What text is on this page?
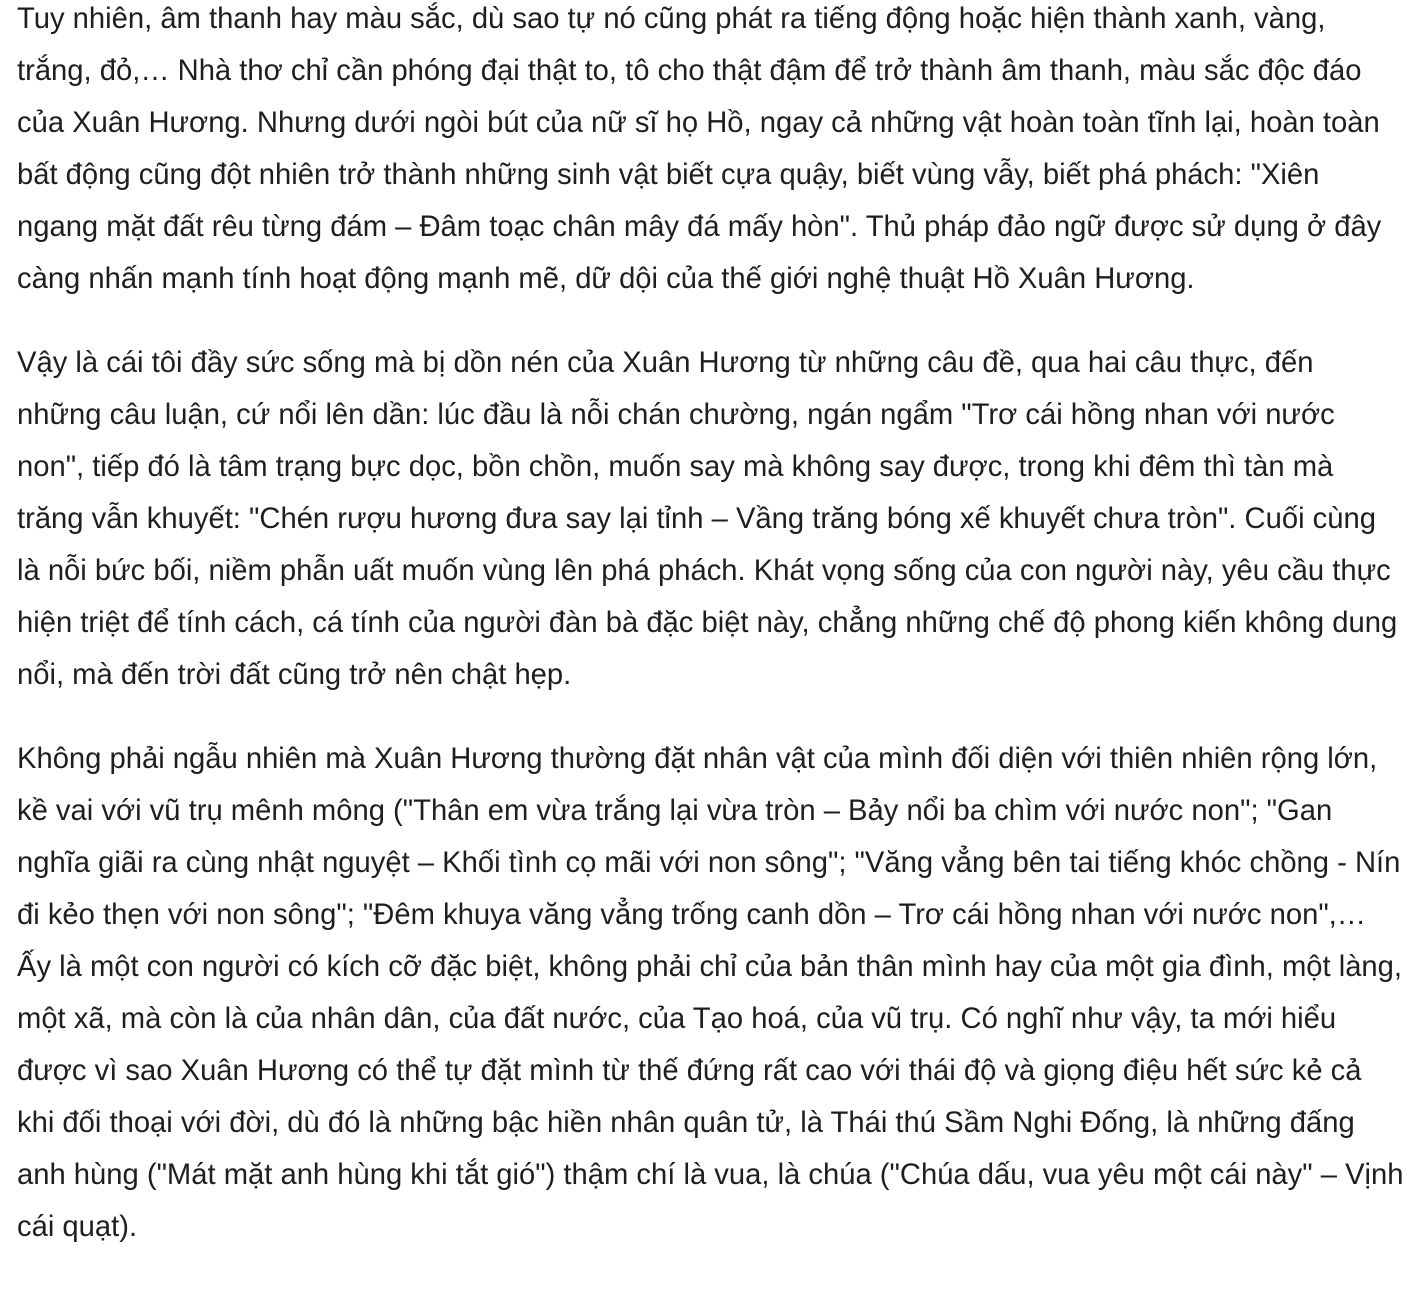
Tuy nhiên, âm thanh hay màu sắc, dù sao tự nó cũng phát ra tiếng động hoặc hiện thành xanh, vàng, trắng, đỏ,… Nhà thơ chỉ cần phóng đại thật to, tô cho thật đậm để trở thành âm thanh, màu sắc độc đáo của Xuân Hương. Nhưng dưới ngòi bút của nữ sĩ họ Hồ, ngay cả những vật hoàn toàn tĩnh lại, hoàn toàn bất động cũng đột nhiên trở thành những sinh vật biết cựa quậy, biết vùng vẫy, biết phá phách: "Xiên ngang mặt đất rêu từng đám – Đâm toạc chân mây đá mấy hòn". Thủ pháp đảo ngữ được sử dụng ở đây càng nhấn mạnh tính hoạt động mạnh mẽ, dữ dội của thế giới nghệ thuật Hồ Xuân Hương.

Vậy là cái tôi đầy sức sống mà bị dồn nén của Xuân Hương từ những câu đề, qua hai câu thực, đến những câu luận, cứ nổi lên dần: lúc đầu là nỗi chán chường, ngán ngẩm "Trơ cái hồng nhan với nước non", tiếp đó là tâm trạng bực dọc, bồn chồn, muốn say mà không say được, trong khi đêm thì tàn mà trăng vẫn khuyết: "Chén rượu hương đưa say lại tỉnh – Vầng trăng bóng xế khuyết chưa tròn". Cuối cùng là nỗi bức bối, niềm phẫn uất muốn vùng lên phá phách. Khát vọng sống của con người này, yêu cầu thực hiện triệt để tính cách, cá tính của người đàn bà đặc biệt này, chẳng những chế độ phong kiến không dung nổi, mà đến trời đất cũng trở nên chật hẹp.

Không phải ngẫu nhiên mà Xuân Hương thường đặt nhân vật của mình đối diện với thiên nhiên rộng lớn, kề vai với vũ trụ mênh mông ("Thân em vừa trắng lại vừa tròn – Bảy nổi ba chìm với nước non"; "Gan nghĩa giãi ra cùng nhật nguyệt – Khối tình cọ mãi với non sông"; "Văng vẳng bên tai tiếng khóc chồng - Nín đi kẻo thẹn với non sông"; "Đêm khuya văng vẳng trống canh dồn – Trơ cái hồng nhan với nước non",… Ấy là một con người có kích cỡ đặc biệt, không phải chỉ của bản thân mình hay của một gia đình, một làng, một xã, mà còn là của nhân dân, của đất nước, của Tạo hoá, của vũ trụ. Có nghĩ như vậy, ta mới hiểu được vì sao Xuân Hương có thể tự đặt mình từ thế đứng rất cao với thái độ và giọng điệu hết sức kẻ cả khi đối thoại với đời, dù đó là những bậc hiền nhân quân tử, là Thái thú Sầm Nghi Đống, là những đấng anh hùng ("Mát mặt anh hùng khi tắt gió") thậm chí là vua, là chúa ("Chúa dấu, vua yêu một cái này" – Vịnh cái quạt).
